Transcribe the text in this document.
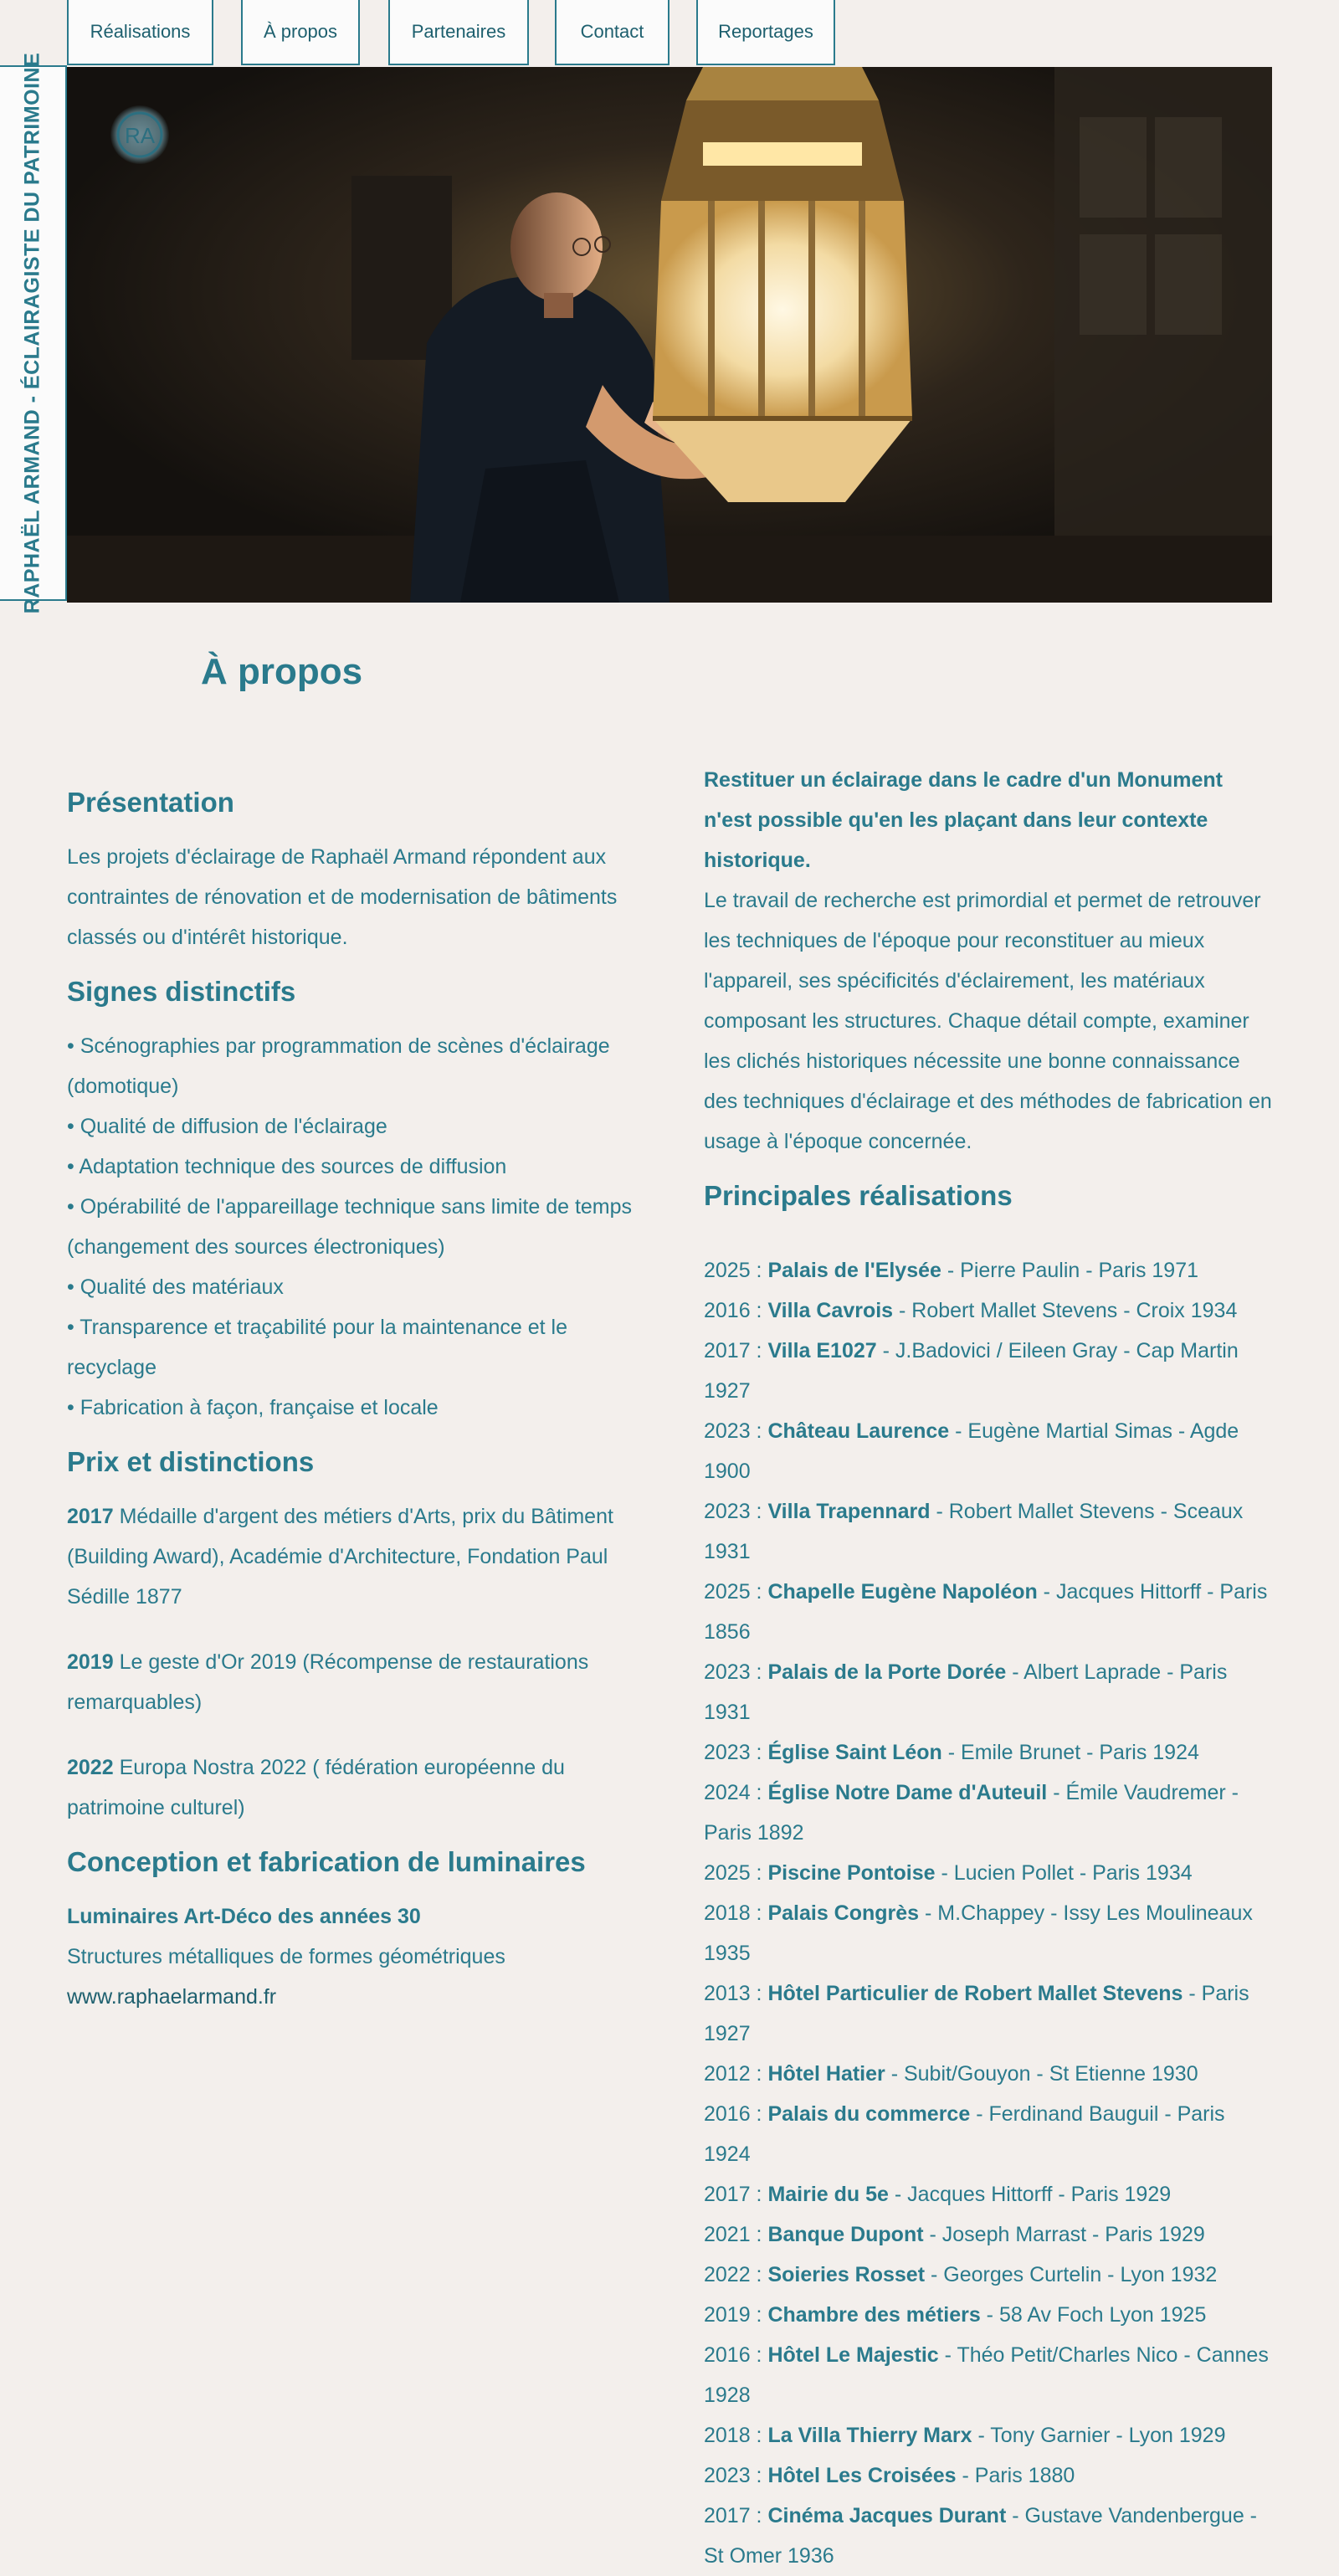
Réalisations	À propos	Partenaires	Contact	Reportages
RAPHAËL ARMAND - ÉCLAIRAGISTE DU PATRIMOINE	RA
À propos
Présentation

Les projets d'éclairage de Raphaël Armand répondent aux contraintes de rénovation et de modernisation de bâtiments classés ou d'intérêt historique.

Signes distinctifs

• Scénographies par programmation de scènes d'éclairage (domotique)

• Qualité de diffusion de l'éclairage

• Adaptation technique des sources de diffusion

• Opérabilité de l'appareillage technique sans limite de temps (changement des sources électroniques)

• Qualité des matériaux

• Transparence et traçabilité pour la maintenance et le recyclage

• Fabrication à façon, française et locale

Prix et distinctions

2017 Médaille d'argent des métiers d'Arts, prix du Bâtiment (Building Award), Académie d'Architecture, Fondation Paul Sédille 1877

2019 Le geste d'Or 2019 (Récompense de restaurations remarquables)

2022 Europa Nostra 2022 ( fédération européenne du patrimoine culturel)

Conception et fabrication de luminaires

Luminaires Art-Déco des années 30

Structures métalliques de formes géométriques

www.raphaelarmand.fr

Restituer un éclairage dans le cadre d'un Monument n'est possible qu'en les plaçant dans leur contexte historique.

Le travail de recherche est primordial et permet de retrouver les techniques de l'époque pour reconstituer au mieux l'appareil, ses spécificités d'éclairement, les matériaux composant les structures. Chaque détail compte, examiner les clichés historiques nécessite une bonne connaissance des techniques d'éclairage et des méthodes de fabrication en usage à l'époque concernée.

Principales réalisations

2025 : Palais de l'Elysée - Pierre Paulin - Paris 1971

2016 : Villa Cavrois - Robert Mallet Stevens - Croix 1934

2017 : Villa E1027 - J.Badovici / Eileen Gray - Cap Martin 1927

2023 : Château Laurence - Eugène Martial Simas - Agde 1900

2023 : Villa Trapennard - Robert Mallet Stevens - Sceaux 1931

2025 : Chapelle Eugène Napoléon - Jacques Hittorff - Paris 1856

2023 : Palais de la Porte Dorée - Albert Laprade - Paris 1931

2023 : Église Saint Léon - Emile Brunet - Paris 1924

2024 : Église Notre Dame d'Auteuil - Émile Vaudremer - Paris 1892

2025 : Piscine Pontoise - Lucien Pollet - Paris 1934

2018 : Palais Congrès - M.Chappey - Issy Les Moulineaux 1935

2013 : Hôtel Particulier de Robert Mallet Stevens - Paris 1927

2012 : Hôtel Hatier - Subit/Gouyon - St Etienne 1930

2016 : Palais du commerce - Ferdinand Bauguil - Paris 1924

2017 : Mairie du 5e - Jacques Hittorff - Paris 1929

2021 : Banque Dupont - Joseph Marrast - Paris 1929

2022 : Soieries Rosset - Georges Curtelin - Lyon 1932

2019 : Chambre des métiers - 58 Av Foch Lyon 1925

2016 : Hôtel Le Majestic - Théo Petit/Charles Nico - Cannes 1928

2018 : La Villa Thierry Marx - Tony Garnier - Lyon 1929

2023 : Hôtel Les Croisées - Paris 1880

2017 : Cinéma Jacques Durant - Gustave Vandenbergue - St Omer 1936
